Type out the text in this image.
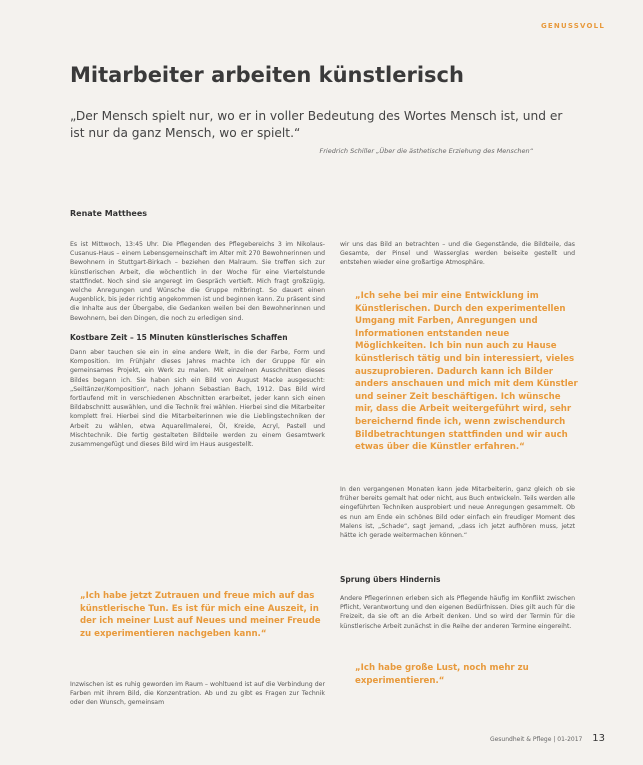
GENUSSVOLL
Mitarbeiter arbeiten künstlerisch
„Der Mensch spielt nur, wo er in voller Bedeutung des Wortes Mensch ist, und er ist nur da ganz Mensch, wo er spielt.“
Friedrich Schiller „Über die ästhetische Erziehung des Menschen“
Renate Matthees

Es ist Mittwoch, 13:45 Uhr. Die Pflegenden des Pflegebereichs 3 im Nikolaus-Cusanus-Haus – einem Lebensgemeinschaft im Alter mit 270 Bewohnerinnen und Bewohnern in Stuttgart-Birkach – beziehen den Malraum. Sie treffen sich zur künstlerischen Arbeit, die wöchentlich in der Woche für eine Viertelstunde stattfindet. Noch sind sie angeregt im Gespräch vertieft. Mich fragt großzügig, welche Anregungen und Wünsche die Gruppe mitbringt. So dauert einen Augenblick, bis jeder richtig angekommen ist und beginnen kann. Zu präsent sind die Inhalte aus der Übergabe, die Gedanken weilen bei den Bewohnerinnen und Bewohnern, bei den Dingen, die noch zu erledigen sind.

Kostbare Zeit – 15 Minuten künstlerisches Schaffen

Dann aber tauchen sie ein in eine andere Welt, in die der Farbe, Form und Komposition. Im Frühjahr dieses Jahres machte ich der Gruppe für ein gemeinsames Projekt, ein Werk zu malen. Mit einzelnen Ausschnitten dieses Bildes begann ich. Sie haben sich ein Bild von August Macke ausgesucht: „Seiltänzer/Komposition“, nach Johann Sebastian Bach, 1912. Das Bild wird fortlaufend mit in verschiedenen Abschnitten erarbeitet, jeder kann sich einen Bildabschnitt auswählen, und die Technik frei wählen. Hierbei sind die Mitarbeiter komplett frei. Hierbei sind die Mitarbeiterinnen wie die Lieblingstechniken der Arbeit zu wählen, etwa Aquarellmalerei, Öl, Kreide, Acryl, Pastell und Mischtechnik. Die fertig gestalteten Bildteile werden zu einem Gesamtwerk zusammengefügt und dieses Bild wird im Haus ausgestellt.

wir uns das Bild an betrachten – und die Gegenstände, die Bildteile, das Gesamte, der Pinsel und Wasserglas werden beiseite gestellt und entstehen wieder eine großartige Atmosphäre.

„Ich sehe bei mir eine Entwicklung im Künstlerischen. Durch den experimentellen Umgang mit Farben, Anregungen und Informationen entstanden neue Möglichkeiten. Ich bin nun auch zu Hause künstlerisch tätig und bin interessiert, vieles auszuprobieren. Dadurch kann ich Bilder anders anschauen und mich mit dem Künstler und seiner Zeit beschäftigen. Ich wünsche mir, dass die Arbeit weitergeführt wird, sehr bereichernd finde ich, wenn zwischendurch Bildbetrachtungen stattfinden und wir auch etwas über die Künstler erfahren.“
In den vergangenen Monaten kann jede Mitarbeiterin, ganz gleich ob sie früher bereits gemalt hat oder nicht, aus Buch entwickeln. Teils werden alle eingeführten Techniken ausprobiert und neue Anregungen gesammelt. Ob es nun am Ende ein schönes Bild oder einfach ein freudiger Moment des Malens ist, „Schade“, sagt jemand, „dass ich jetzt aufhören muss, jetzt hätte ich gerade weitermachen können.“
Sprung übers Hindernis
Andere Pflegerinnen erleben sich als Pflegende häufig im Konflikt zwischen Pflicht, Verantwortung und den eigenen Bedürfnissen. Dies gilt auch für die Freizeit, da sie oft an die Arbeit denken. Und so wird der Termin für die künstlerische Arbeit zunächst in die Reihe der anderen Termine eingereiht.
„Ich habe jetzt Zutrauen und freue mich auf das künstlerische Tun. Es ist für mich eine Auszeit, in der ich meiner Lust auf Neues und meiner Freude zu experimentieren nachgeben kann.“
Inzwischen ist es ruhig geworden im Raum – wohltuend ist auf die Verbindung der Farben mit ihrem Bild, die Konzentration. Ab und zu gibt es Fragen zur Technik oder den Wunsch, gemeinsam
„Ich habe große Lust, noch mehr zu experimentieren.“
Gesundheit & Pflege | 01-2017 13
